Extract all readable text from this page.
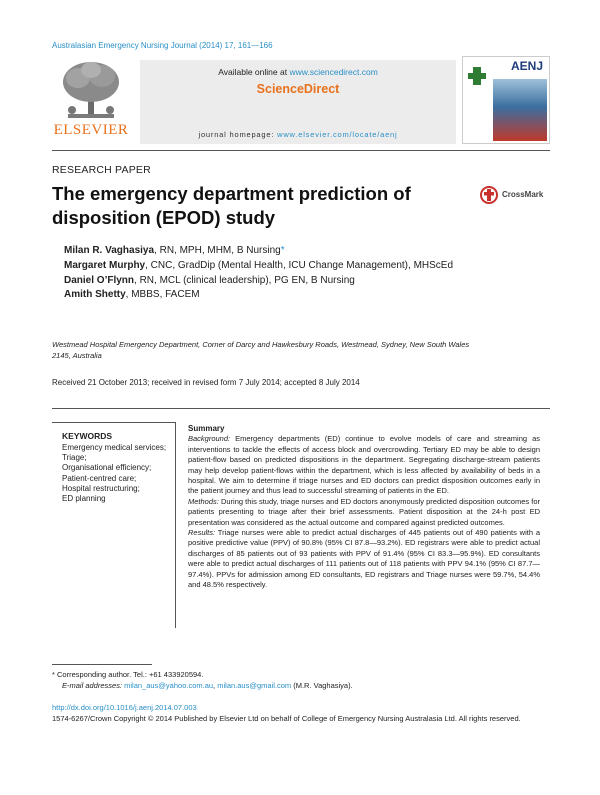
Australasian Emergency Nursing Journal (2014) 17, 161—166
ELSEVIER
Available online at www.sciencedirect.com
ScienceDirect
journal homepage: www.elsevier.com/locate/aenj
AENJ
RESEARCH PAPER
The emergency department prediction of disposition (EPOD) study
CrossMark
Milan R. Vaghasiya, RN, MPH, MHM, B Nursing*
Margaret Murphy, CNC, GradDip (Mental Health, ICU Change Management), MHScEd
Daniel O’Flynn, RN, MCL (clinical leadership), PG EN, B Nursing
Amith Shetty, MBBS, FACEM
Westmead Hospital Emergency Department, Corner of Darcy and Hawkesbury Roads, Westmead, Sydney, New South Wales 2145, Australia
Received 21 October 2013; received in revised form 7 July 2014; accepted 8 July 2014
KEYWORDS
Emergency medical services;
Triage;
Organisational efficiency;
Patient-centred care;
Hospital restructuring;
ED planning
Summary

Background: Emergency departments (ED) continue to evolve models of care and streaming as interventions to tackle the effects of access block and overcrowding. Tertiary ED may be able to design patient-flow based on predicted dispositions in the department. Segregating discharge-stream patients may help develop patient-flows within the department, which is less affected by availability of beds in a hospital. We aim to determine if triage nurses and ED doctors can predict disposition outcomes early in the patient journey and thus lead to successful streaming of patients in the ED.

Methods: During this study, triage nurses and ED doctors anonymously predicted disposition outcomes for patients presenting to triage after their brief assessments. Patient disposition at the 24-h post ED presentation was considered as the actual outcome and compared against predicted outcomes.

Results: Triage nurses were able to predict actual discharges of 445 patients out of 490 patients with a positive predictive value (PPV) of 90.8% (95% CI 87.8—93.2%). ED registrars were able to predict actual discharges of 85 patients out of 93 patients with PPV of 91.4% (95% CI 83.3—95.9%). ED consultants were able to predict actual discharges of 111 patients out of 118 patients with PPV 94.1% (95% CI 87.7—97.4%). PPVs for admission among ED consultants, ED registrars and Triage nurses were 59.7%, 54.4% and 48.5% respectively.

* Corresponding author. Tel.: +61 433920594.
E-mail addresses: milan_aus@yahoo.com.au, milan.aus@gmail.com (M.R. Vaghasiya).
http://dx.doi.org/10.1016/j.aenj.2014.07.003
1574-6267/Crown Copyright © 2014 Published by Elsevier Ltd on behalf of College of Emergency Nursing Australasia Ltd. All rights reserved.
